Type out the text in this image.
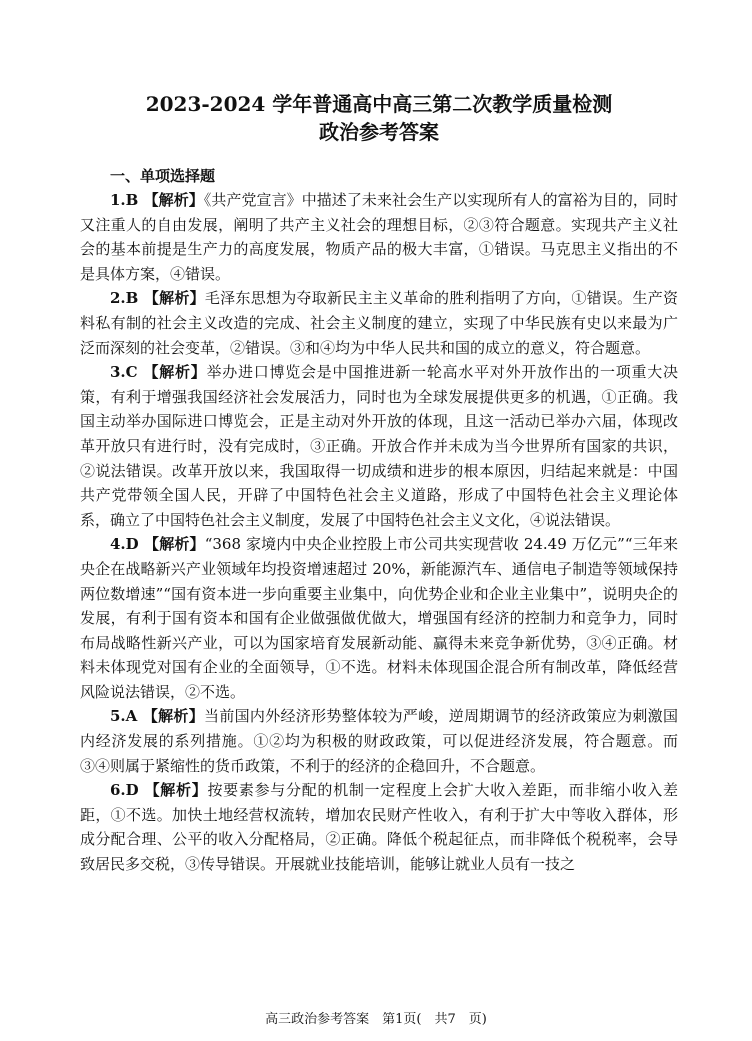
2023-2024 学年普通高中高三第二次教学质量检测
政治参考答案
一、单项选择题

1.B 【解析】《共产党宣言》中描述了未来社会生产以实现所有人的富裕为目的，同时又注重人的自由发展，阐明了共产主义社会的理想目标，②③符合题意。实现共产主义社会的基本前提是生产力的高度发展，物质产品的极大丰富，①错误。马克思主义指出的不是具体方案，④错误。

2.B 【解析】毛泽东思想为夺取新民主主义革命的胜利指明了方向，①错误。生产资料私有制的社会主义改造的完成、社会主义制度的建立，实现了中华民族有史以来最为广泛而深刻的社会变革，②错误。③和④均为中华人民共和国的成立的意义，符合题意。

3.C 【解析】举办进口博览会是中国推进新一轮高水平对外开放作出的一项重大决策，有利于增强我国经济社会发展活力，同时也为全球发展提供更多的机遇，①正确。我国主动举办国际进口博览会，正是主动对外开放的体现，且这一活动已举办六届，体现改革开放只有进行时，没有完成时，③正确。开放合作并未成为当今世界所有国家的共识，②说法错误。改革开放以来，我国取得一切成绩和进步的根本原因，归结起来就是：中国共产党带领全国人民，开辟了中国特色社会主义道路，形成了中国特色社会主义理论体系，确立了中国特色社会主义制度，发展了中国特色社会主义文化，④说法错误。

4.D 【解析】“368 家境内中央企业控股上市公司共实现营收 24.49 万亿元”“三年来央企在战略新兴产业领域年均投资增速超过 20%，新能源汽车、通信电子制造等领域保持两位数增速”“国有资本进一步向重要主业集中，向优势企业和企业主业集中”，说明央企的发展，有利于国有资本和国有企业做强做优做大，增强国有经济的控制力和竞争力，同时布局战略性新兴产业，可以为国家培育发展新动能、赢得未来竞争新优势，③④正确。材料未体现党对国有企业的全面领导，①不选。材料未体现国企混合所有制改革，降低经营风险说法错误，②不选。

5.A 【解析】当前国内外经济形势整体较为严峻，逆周期调节的经济政策应为刺激国内经济发展的系列措施。①②均为积极的财政政策，可以促进经济发展，符合题意。而③④则属于紧缩性的货币政策，不利于的经济的企稳回升，不合题意。

6.D 【解析】按要素参与分配的机制一定程度上会扩大收入差距，而非缩小收入差距，①不选。加快土地经营权流转，增加农民财产性收入，有利于扩大中等收入群体，形成分配合理、公平的收入分配格局，②正确。降低个税起征点，而非降低个税税率，会导致居民多交税，③传导错误。开展就业技能培训，能够让就业人员有一技之

高三政治参考答案　第1页(　共7　页)
